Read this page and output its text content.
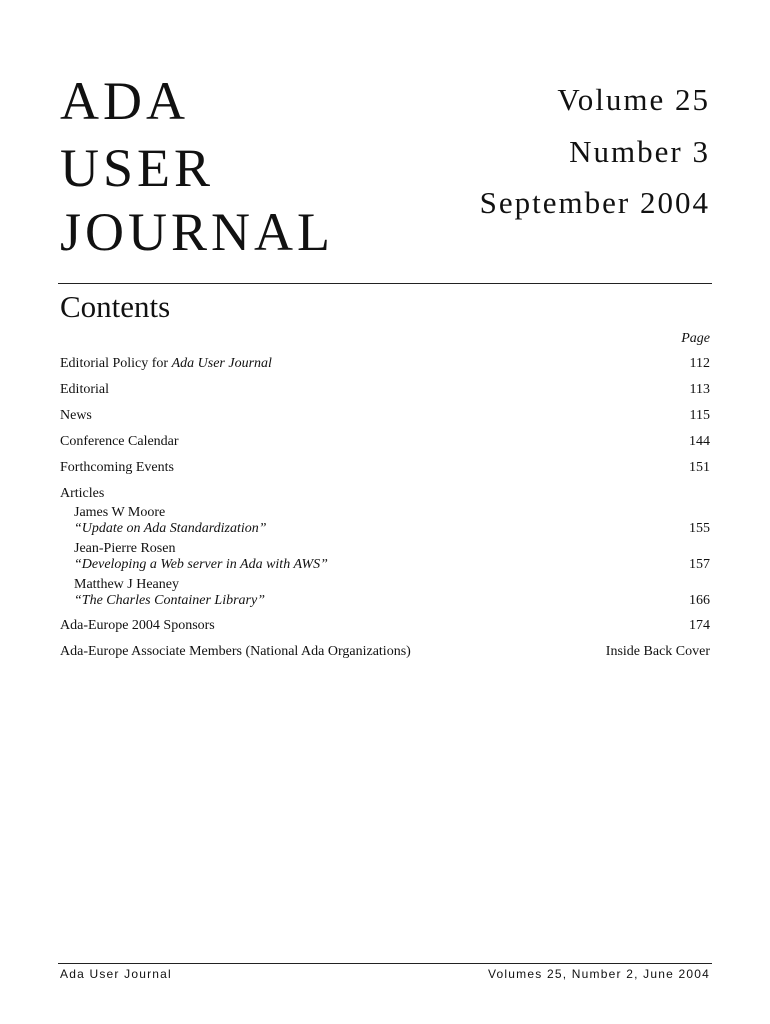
ADA
USER
JOURNAL
Volume 25
Number 3
September 2004
Contents
Page
Editorial Policy for Ada User Journal	112
Editorial	113
News	115
Conference Calendar	144
Forthcoming Events	151
Articles
James W Moore
“Update on Ada Standardization”	155
Jean-Pierre Rosen
“Developing a Web server in Ada with AWS”	157
Matthew J Heaney
“The Charles Container Library”	166
Ada-Europe 2004 Sponsors	174
Ada-Europe Associate Members (National Ada Organizations)	Inside Back Cover
Ada User Journal	Volumes 25, Number 2, June 2004
